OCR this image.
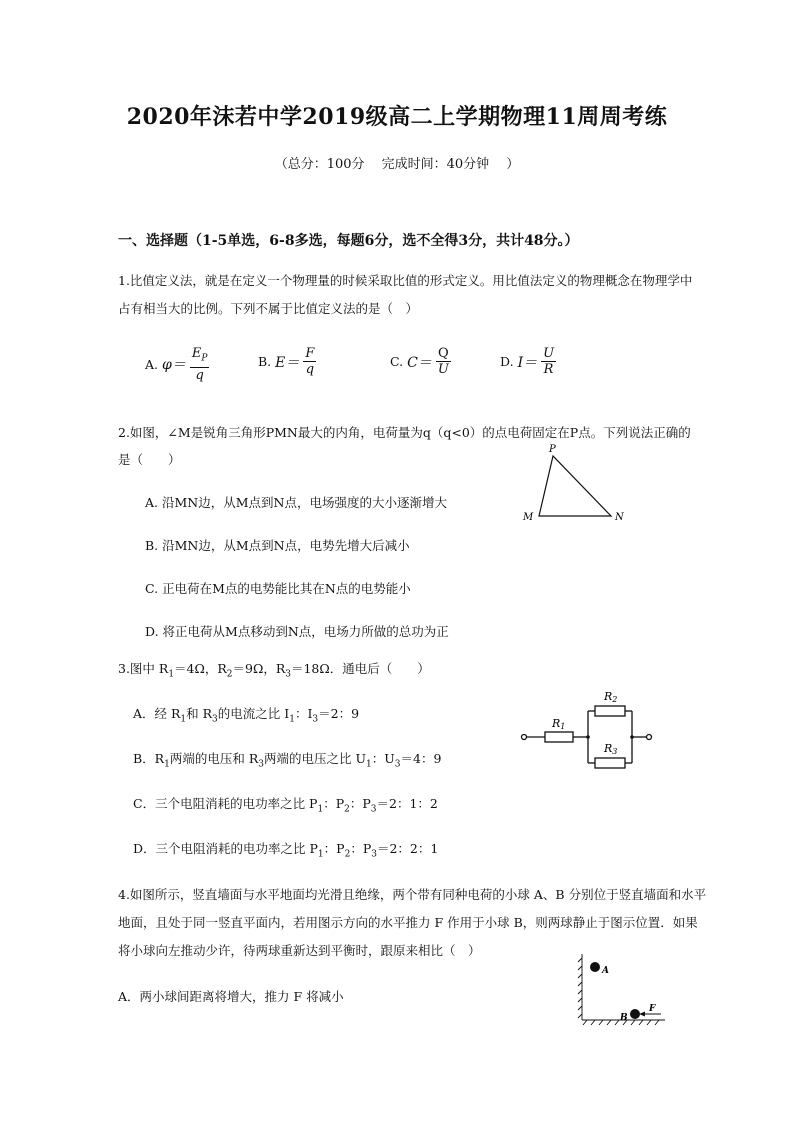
2020年沫若中学2019级高二上学期物理11周周考练
（总分：100分　 完成时间：40分钟　 ）
一、选择题（1-5单选，6-8多选，每题6分，选不全得3分，共计48分。）
1.比值定义法，就是在定义一个物理量的时候采取比值的形式定义。用比值法定义的物理概念在物理学中
占有相当大的比例。下列不属于比值定义法的是（　）
A. $\varphi= \frac{E_P}{q}$	B. $E= \frac{F}{q}$	C. $C= \frac{Q}{U}$	D. $I= \frac{U}{R}$
2.如图，∠M是锐角三角形PMN最大的内角，电荷量为q（q<0）的点电荷固定在P点。下列说法正确的
是（　　）
A. 沿MN边，从M点到N点，电场强度的大小逐渐增大
B. 沿MN边，从M点到N点，电势先增大后减小
C. 正电荷在M点的电势能比其在N点的电势能小
D. 将正电荷从M点移动到N点，电场力所做的总功为正
P
M	N
3.图中 $R_1=4\Omega$，$R_2=9\Omega$，$R_3=18\Omega$．通电后（　　）
A．经 $R_1$和 $R_3$的电流之比 $I_1$：$I_3=2$：9
B．$R_1$两端的电压和 $R_3$两端的电压之比 $U_1$：$U_3=4$：9
C．三个电阻消耗的电功率之比 $P_1$：$P_2$：$P_3=2$：1：2
D．三个电阻消耗的电功率之比 $P_1$：$P_2$：$P_3=2$：2：1
R1
R2
R3
4.如图所示，竖直墙面与水平地面均光滑且绝缘，两个带有同种电荷的小球 A、B 分别位于竖直墙面和水平
地面，且处于同一竖直平面内，若用图示方向的水平推力 F 作用于小球 B，则两球静止于图示位置．如果
将小球向左推动少许，待两球重新达到平衡时，跟原来相比（　）
A．两小球间距离将增大，推力 F 将减小
A
B
F
